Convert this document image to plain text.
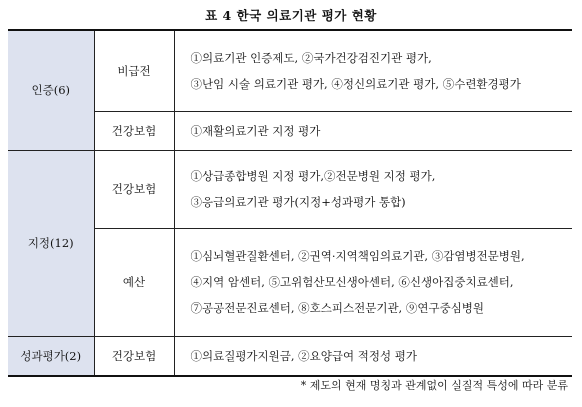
표 4 한국 의료기관 평가 현황
인증(6)	비급전	①의료기관 인증제도, ②국가건강검진기관 평가,
③난임 시술 의료기관 평가, ④정신의료기관 평가, ⑤수련환경평가

	건강보험	①재활의료기관 지정 평가

지정(12)	건강보험	①상급종합병원 지정 평가,②전문병원 지정 평가,
③응급의료기관 평가(지정+성과평가 통합)

	예산	①심뇌혈관질환센터, ②권역·지역책임의료기관, ③감염병전문병원,
④지역 암센터, ⑤고위험산모신생아센터, ⑥신생아집중치료센터,
⑦공공전문진료센터, ⑧호스피스전문기관, ⑨연구중심병원

성과평가(2)	건강보험	①의료질평가지원금, ②요양급여 적정성 평가
* 제도의 현재 명칭과 관계없이 실질적 특성에 따라 분류
